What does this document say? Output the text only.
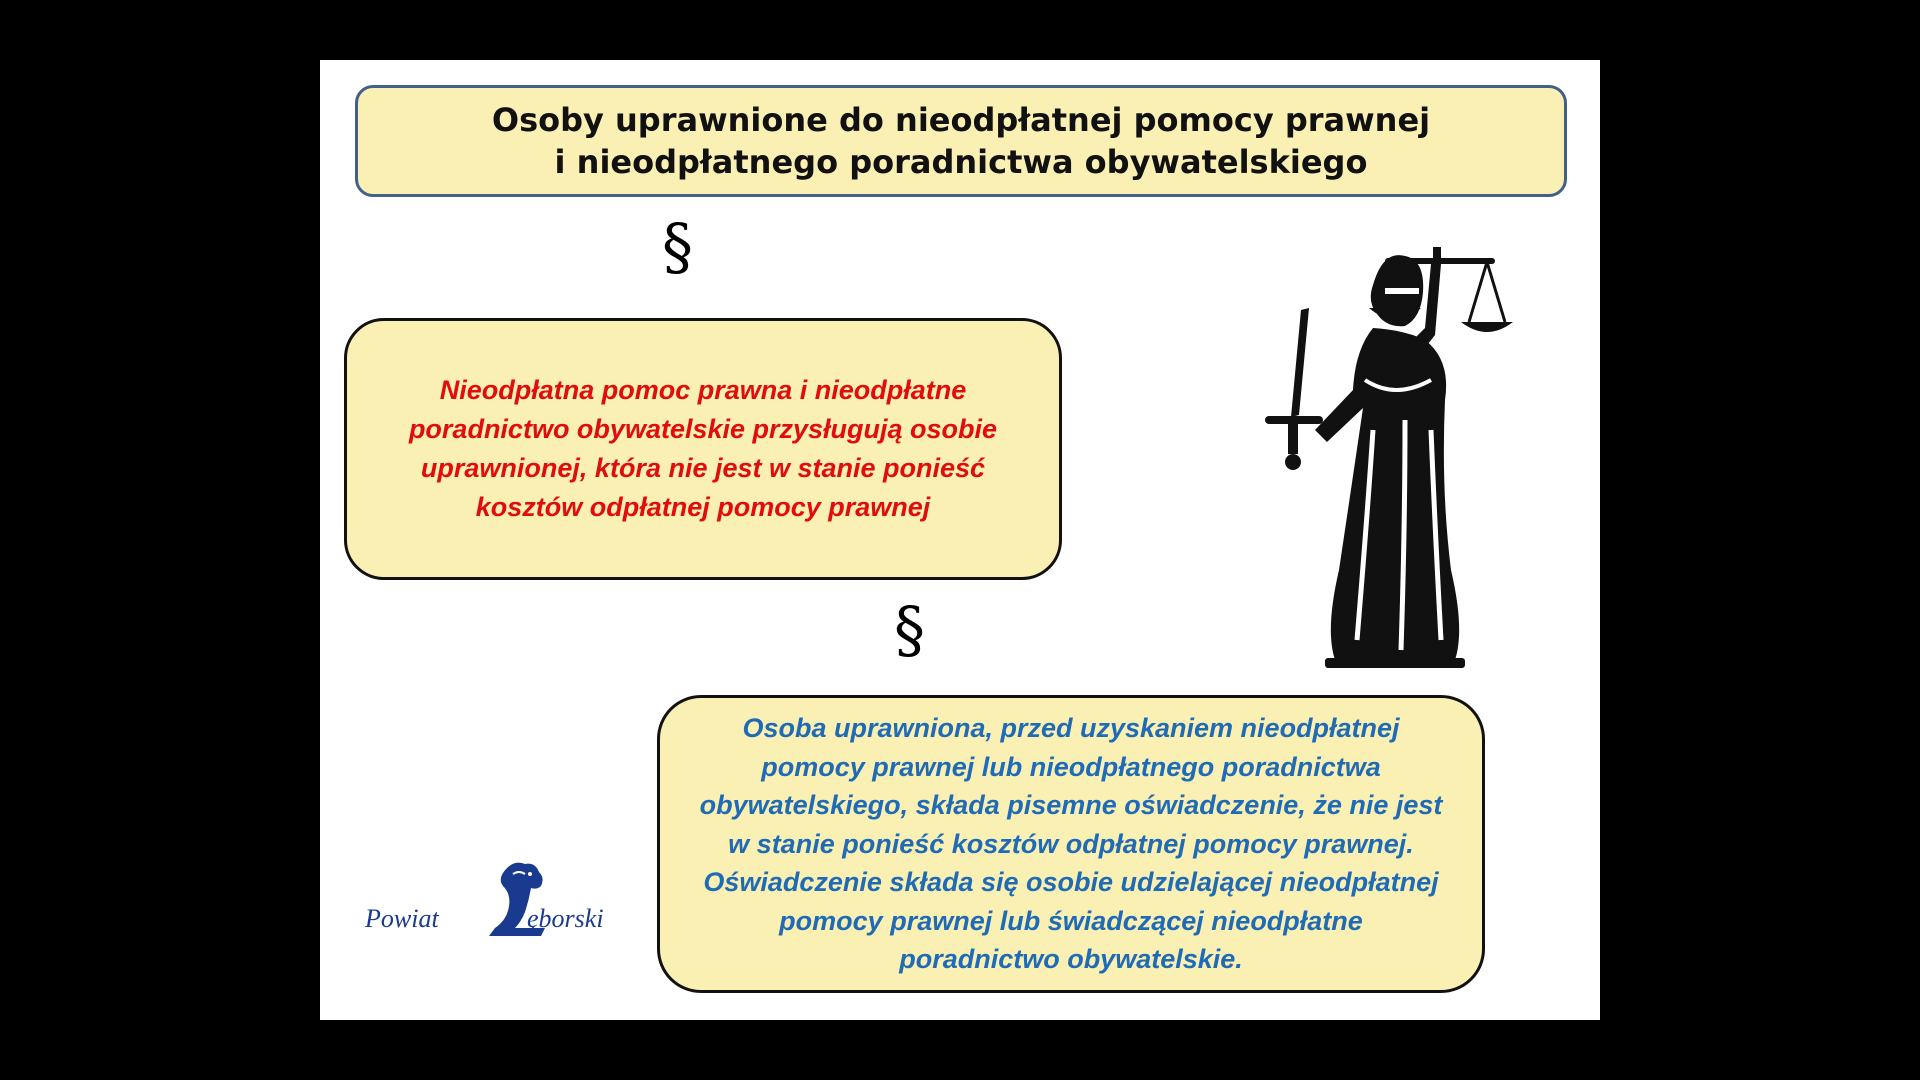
Osoby uprawnione do nieodpłatnej pomocy prawnej
i nieodpłatnego poradnictwa obywatelskiego
§
Nieodpłatna pomoc prawna i nieodpłatne
poradnictwo obywatelskie przysługują osobie
uprawnionej, która nie jest w stanie ponieść
kosztów odpłatnej pomocy prawnej
§
Osoba uprawniona, przed uzyskaniem nieodpłatnej
pomocy prawnej lub nieodpłatnego poradnictwa
obywatelskiego, składa pisemne oświadczenie, że nie jest
w stanie ponieść kosztów odpłatnej pomocy prawnej.
Oświadczenie składa się osobie udzielającej nieodpłatnej
pomocy prawnej lub świadczącej nieodpłatne
poradnictwo obywatelskie.
Powiat	ęborski
